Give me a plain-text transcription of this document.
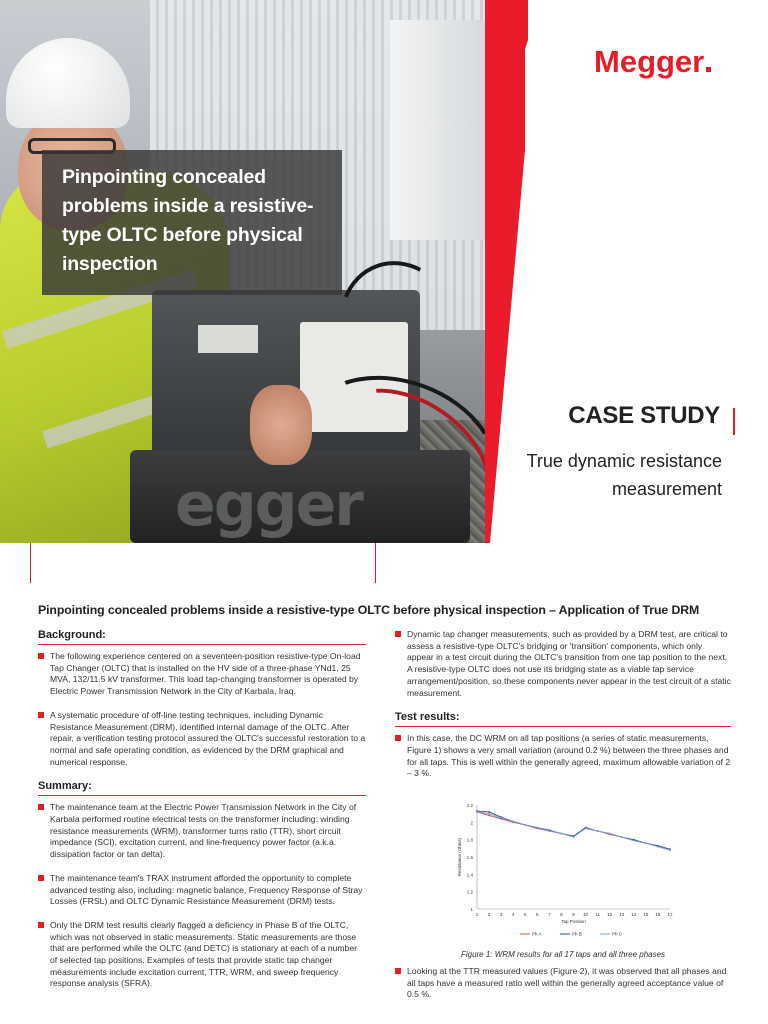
egger
Pinpointing concealed problems inside a resistive-type OLTC before physical inspection
Megger
CASE STUDY
True dynamic resistance measurement
Pinpointing concealed problems inside a resistive-type OLTC before physical inspection – Application of True DRM
Background:
The following experience centered on a seventeen-position resistive-type On-load Tap Changer (OLTC) that is installed on the HV side of a three-phase YNd1, 25 MVA, 132/11.5 kV transformer. This load tap-changing transformer is operated by Electric Power Transmission Network in the City of Karbala, Iraq.
A systematic procedure of off-line testing techniques, including Dynamic Resistance Measurement (DRM), identified internal damage of the OLTC. After repair, a verification testing protocol assured the OLTC's successful restoration to a normal and safe operating condition, as evidenced by the DRM graphical and numerical response.
Summary:
The maintenance team at the Electric Power Transmission Network in the City of Karbala performed routine electrical tests on the transformer including: winding resistance measurements (WRM), transformer turns ratio (TTR), short circuit impedance (SCI), excitation current, and line-frequency power factor (a.k.a. dissipation factor or tan delta).
The maintenance team's TRAX instrument afforded the opportunity to complete advanced testing also, including: magnetic balance, Frequency Response of Stray Losses (FRSL) and OLTC Dynamic Resistance Measurement (DRM) tests.
Only the DRM test results clearly flagged a deficiency in Phase B of the OLTC, which was not observed in static measurements. Static measurements are those that are performed while the OLTC (and DETC) is stationary at each of a number of selected tap positions. Examples of tests that provide static tap changer measurements include excitation current, TTR, WRM, and sweep frequency response analysis (SFRA).
Dynamic tap changer measurements, such as provided by a DRM test, are critical to assess a resistive-type OLTC's bridging or 'transition' components, which only appear in a test circuit during the OLTC's transition from one tap position to the next. A resistive-type OLTC does not use its bridging state as a viable tap service arrangement/position, so these components never appear in the test circuit of a static measurement.
Test results:
In this case, the DC WRM on all tap positions (a series of static measurements, Figure 1) shows a very small variation (around 0.2 %) between the three phases and for all taps. This is well within the generally agreed, maximum allowable variation of 2 – 3 %.
1
1.2
1.4
1.6
1.8
2
2.2
1 2 3 4 5 6 7 8 9 10 11 12 13 14 15 16 17
Tap Position
Resistance (Ohms)
Ph A	Ph B	Ph C
Figure 1: WRM results for all 17 taps and all three phases
Looking at the TTR measured values (Figure 2), it was observed that all phases and all taps have a measured ratio well within the generally agreed acceptance value of 0.5 %.
